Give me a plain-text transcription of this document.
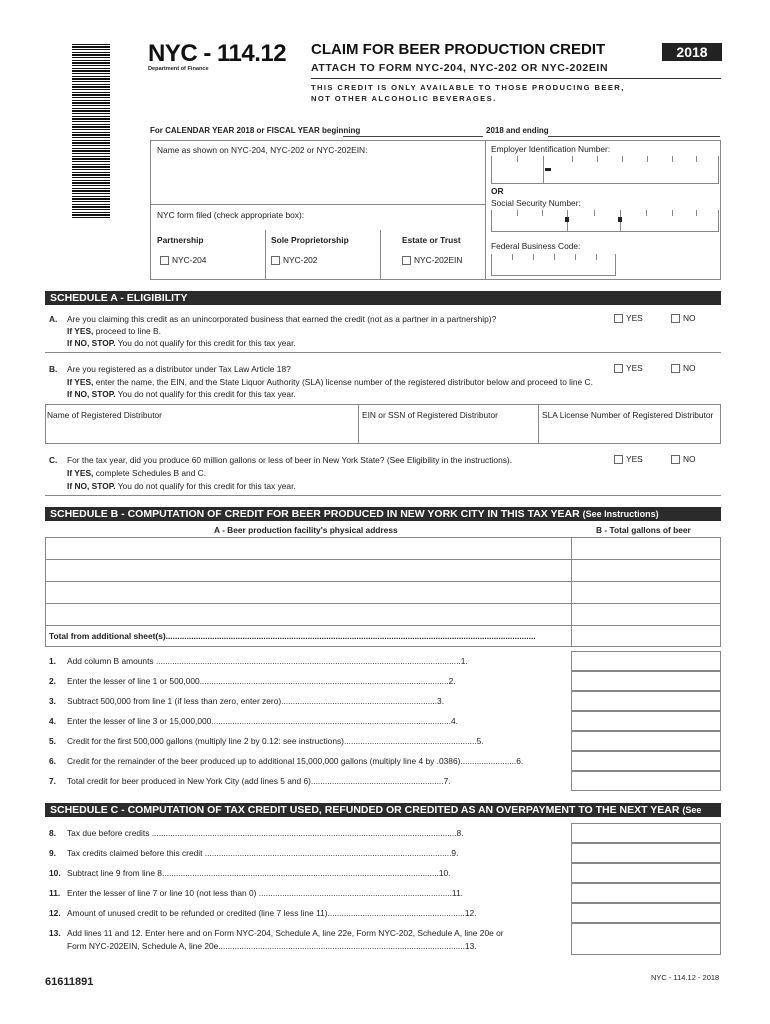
NYC - 114.12
Department of Finance
CLAIM FOR BEER PRODUCTION CREDIT	2018
ATTACH TO FORM NYC-204, NYC-202 OR NYC-202EIN
THIS CREDIT IS ONLY AVAILABLE TO THOSE PRODUCING BEER,
NOT OTHER ALCOHOLIC BEVERAGES.
For CALENDAR YEAR 2018 or FISCAL YEAR beginning	2018 and ending
Name as shown on NYC-204, NYC-202 or NYC-202EIN:
NYC form filed (check appropriate box):
Partnership	Sole Proprietorship	Estate or Trust
NYC-204	NYC-202	NYC-202EIN
Employer Identification Number:
OR
Social Security Number:
Federal Business Code:
SCHEDULE A - ELIGIBILITY
A. Are you claiming this credit as an unincorporated business that earned the credit (not as a partner in a partnership)?
If YES, proceed to line B.
If NO, STOP. You do not qualify for this credit for this tax year.
YES	NO
B. Are you registered as a distributor under Tax Law Article 18?
If YES, enter the name, the EIN, and the State Liquor Authority (SLA) license number of the registered distributor below and proceed to line C.
If NO, STOP. You do not qualify for this credit for this tax year.
YES	NO
Name of Registered Distributor	EIN or SSN of Registered Distributor	SLA License Number of Registered Distributor
C. For the tax year, did you produce 60 million gallons or less of beer in New York State? (See Eligibility in the instructions).
If YES, complete Schedules B and C.
If NO, STOP. You do not qualify for this credit for this tax year.
YES	NO
SCHEDULE B - COMPUTATION OF CREDIT FOR BEER PRODUCED IN NEW YORK CITY IN THIS TAX YEAR (See Instructions)
A - Beer production facility's physical address	B - Total gallons of beer
Total from additional sheet(s)...............................................................................................................................................................
1. Add column B amounts ...................................................................................................................................1.
2. Enter the lesser of line 1 or 500,000...........................................................................................................2.
3. Subtract 500,000 from line 1 (if less than zero, enter zero)...................................................................3.
4. Enter the lesser of line 3 or 15,000,000.......................................................................................................4.
5. Credit for the first 500,000 gallons (multiply line 2 by 0.12: see instructions).........................................................5.
6. Credit for the remainder of the beer produced up to additional 15,000,000 gallons (multiply line 4 by .0386)........................6.
7. Total credit for beer produced in New York City (add lines 5 and 6).........................................................7.
SCHEDULE C - COMPUTATION OF TAX CREDIT USED, REFUNDED OR CREDITED AS AN OVERPAYMENT TO THE NEXT YEAR (See Instr.)
8. Tax due before credits ...................................................................................................................................8.
9. Tax credits claimed before this credit ..........................................................................................................9.
10. Subtract line 9 from line 8.......................................................................................................................10.
11. Enter the lesser of line 7 or line 10 (not less than 0) ...................................................................................11.
12. Amount of unused credit to be refunded or credited (line 7 less line 11)...........................................................12.
13. Add lines 11 and 12. Enter here and on Form NYC-204, Schedule A, line 22e, Form NYC-202, Schedule A, line 20e or
Form NYC-202EIN, Schedule A, line 20e..........................................................................................................13.
61611891	NYC - 114.12 - 2018
